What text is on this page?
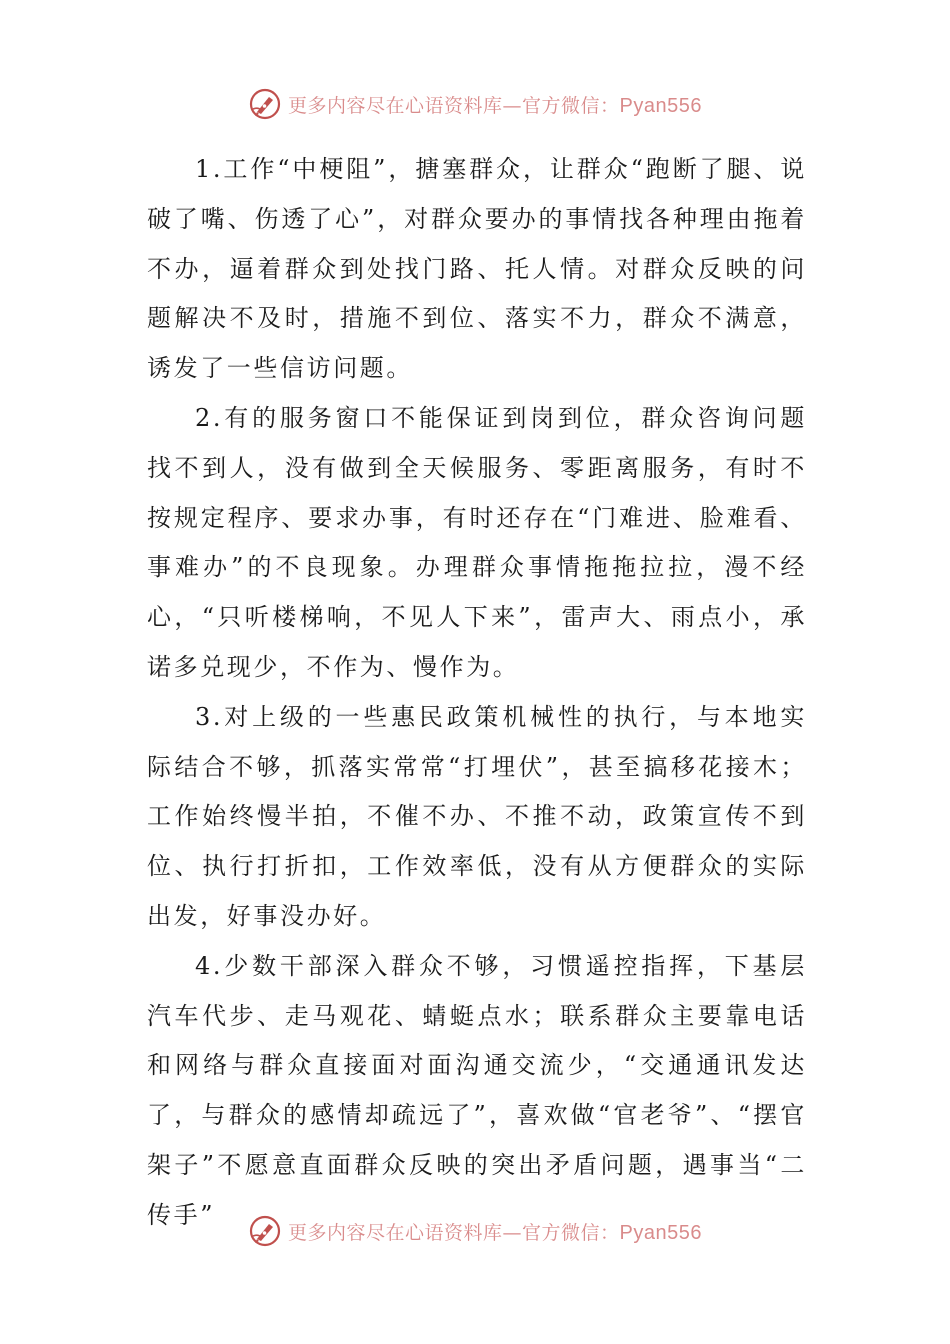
更多内容尽在心语资料库—官方微信：Pyan556

1.工作“中梗阻”，搪塞群众，让群众“跑断了腿、说破了嘴、伤透了心”，对群众要办的事情找各种理由拖着不办，逼着群众到处找门路、托人情。对群众反映的问题解决不及时，措施不到位、落实不力，群众不满意，诱发了一些信访问题。

2.有的服务窗口不能保证到岗到位，群众咨询问题找不到人，没有做到全天候服务、零距离服务，有时不按规定程序、要求办事，有时还存在“门难进、脸难看、事难办”的不良现象。办理群众事情拖拖拉拉，漫不经心，“只听楼梯响，不见人下来”，雷声大、雨点小，承诺多兑现少，不作为、慢作为。

3.对上级的一些惠民政策机械性的执行，与本地实际结合不够，抓落实常常“打埋伏”，甚至搞移花接木；工作始终慢半拍，不催不办、不推不动，政策宣传不到位、执行打折扣，工作效率低，没有从方便群众的实际出发，好事没办好。

4.少数干部深入群众不够，习惯遥控指挥，下基层汽车代步、走马观花、蜻蜓点水；联系群众主要靠电话和网络与群众直接面对面沟通交流少，“交通通讯发达了，与群众的感情却疏远了”，喜欢做“官老爷”、“摆官架子”不愿意直面群众反映的突出矛盾问题，遇事当“二传手”

更多内容尽在心语资料库—官方微信：Pyan556
